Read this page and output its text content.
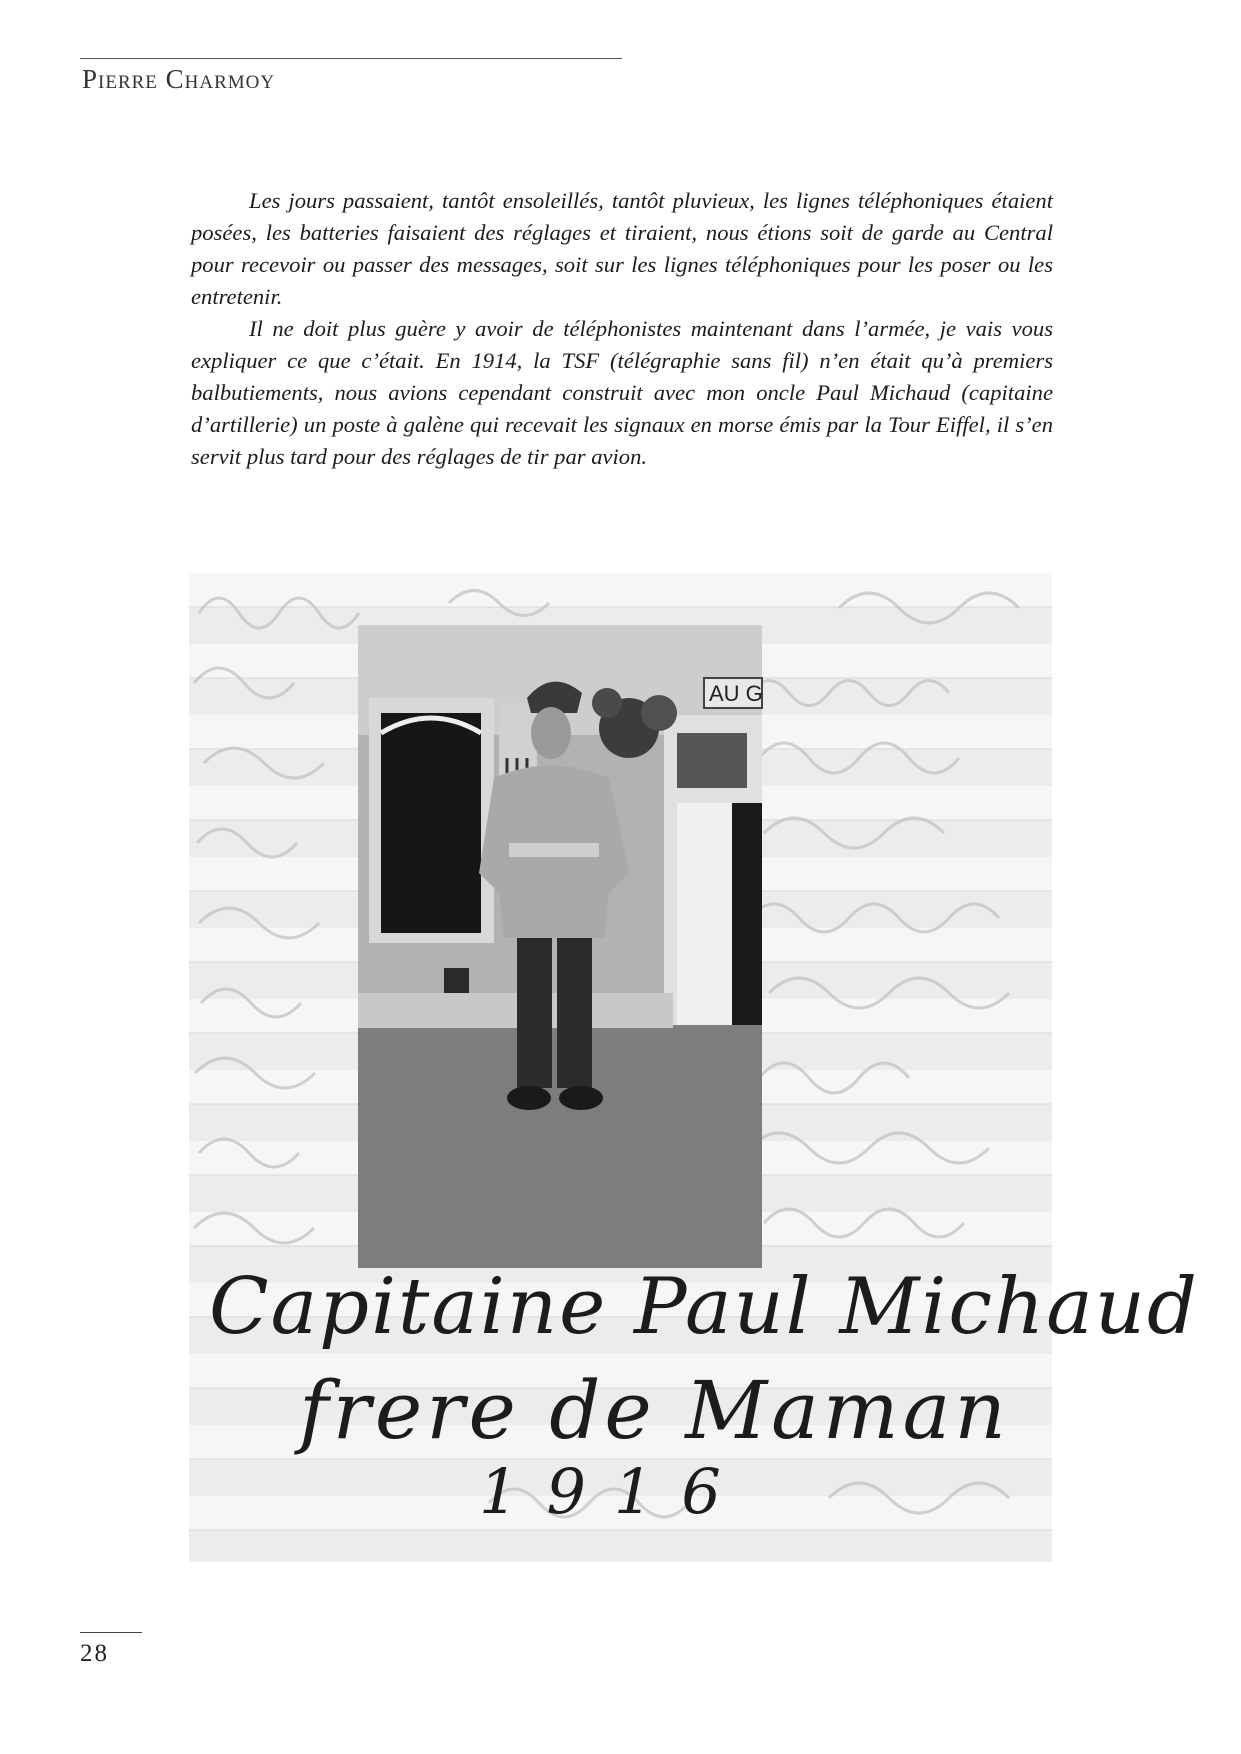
Pierre Charmoy

Les jours passaient, tantôt ensoleillés, tantôt pluvieux, les lignes téléphoniques étaient posées, les batteries faisaient des réglages et tiraient, nous étions soit de garde au Central pour recevoir ou passer des messages, soit sur les lignes téléphoniques pour les poser ou les entretenir.

Il ne doit plus guère y avoir de téléphonistes maintenant dans l’armée, je vais vous expliquer ce que c’était. En 1914, la TSF (télégraphie sans fil) n’en était qu’à premiers balbutiements, nous avions cependant construit avec mon oncle Paul Michaud (capitaine d’artillerie) un poste à galène qui recevait les signaux en morse émis par la Tour Eiffel, il s’en servit plus tard pour des réglages de tir par avion.

AU G
Capitaine Paul Michaud
frere de Maman
1916
28
